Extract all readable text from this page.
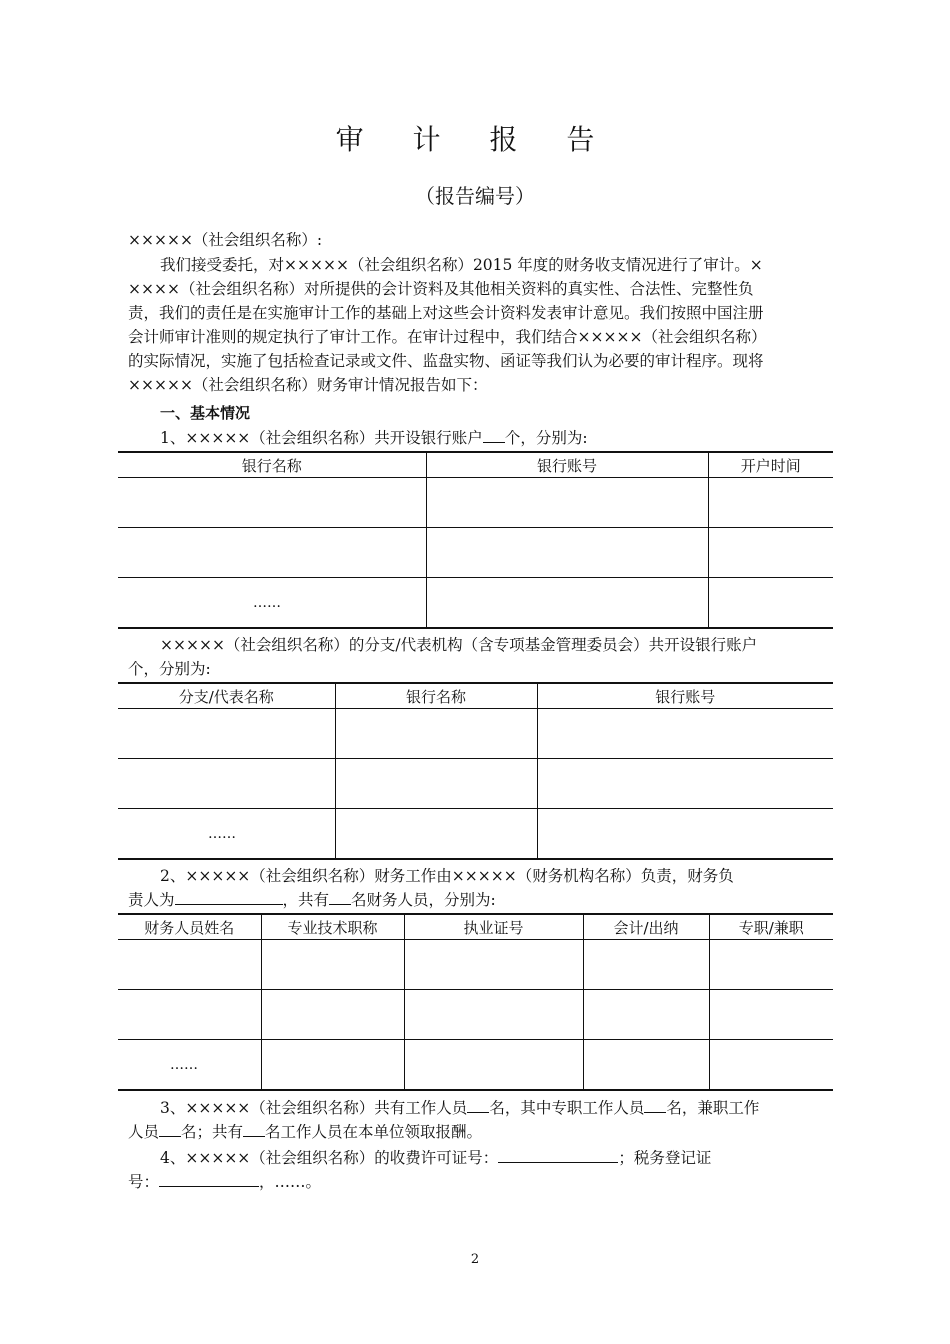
审 计 报 告
（报告编号）
×××××（社会组织名称）:
我们接受委托，对×××××（社会组织名称）2015 年度的财务收支情况进行了审计。×
××××（社会组织名称）对所提供的会计资料及其他相关资料的真实性、合法性、完整性负
责，我们的责任是在实施审计工作的基础上对这些会计资料发表审计意见。我们按照中国注册
会计师审计准则的规定执行了审计工作。在审计过程中，我们结合×××××（社会组织名称）
的实际情况，实施了包括检查记录或文件、监盘实物、函证等我们认为必要的审计程序。现将
×××××（社会组织名称）财务审计情况报告如下：
一、基本情况
1、×××××（社会组织名称）共开设银行账户 个，分别为:
银行名称	银行账号	开户时间

……		
×××××（社会组织名称）的分支/代表机构（含专项基金管理委员会）共开设银行账户
个，分别为:
分支/代表名称	银行名称	银行账号

……		
2、×××××（社会组织名称）财务工作由×××××（财务机构名称）负责，财务负
责人为	，共有 名财务人员，分别为:
财务人员姓名	专业技术职称	执业证号	会计/出纳	专职/兼职

……				
3、×××××（社会组织名称）共有工作人员 名，其中专职工作人员 名，兼职工作
人员 名；共有 名工作人员在本单位领取报酬。
4、×××××（社会组织名称）的收费许可证号：	；税务登记证
号：	，……。
2
